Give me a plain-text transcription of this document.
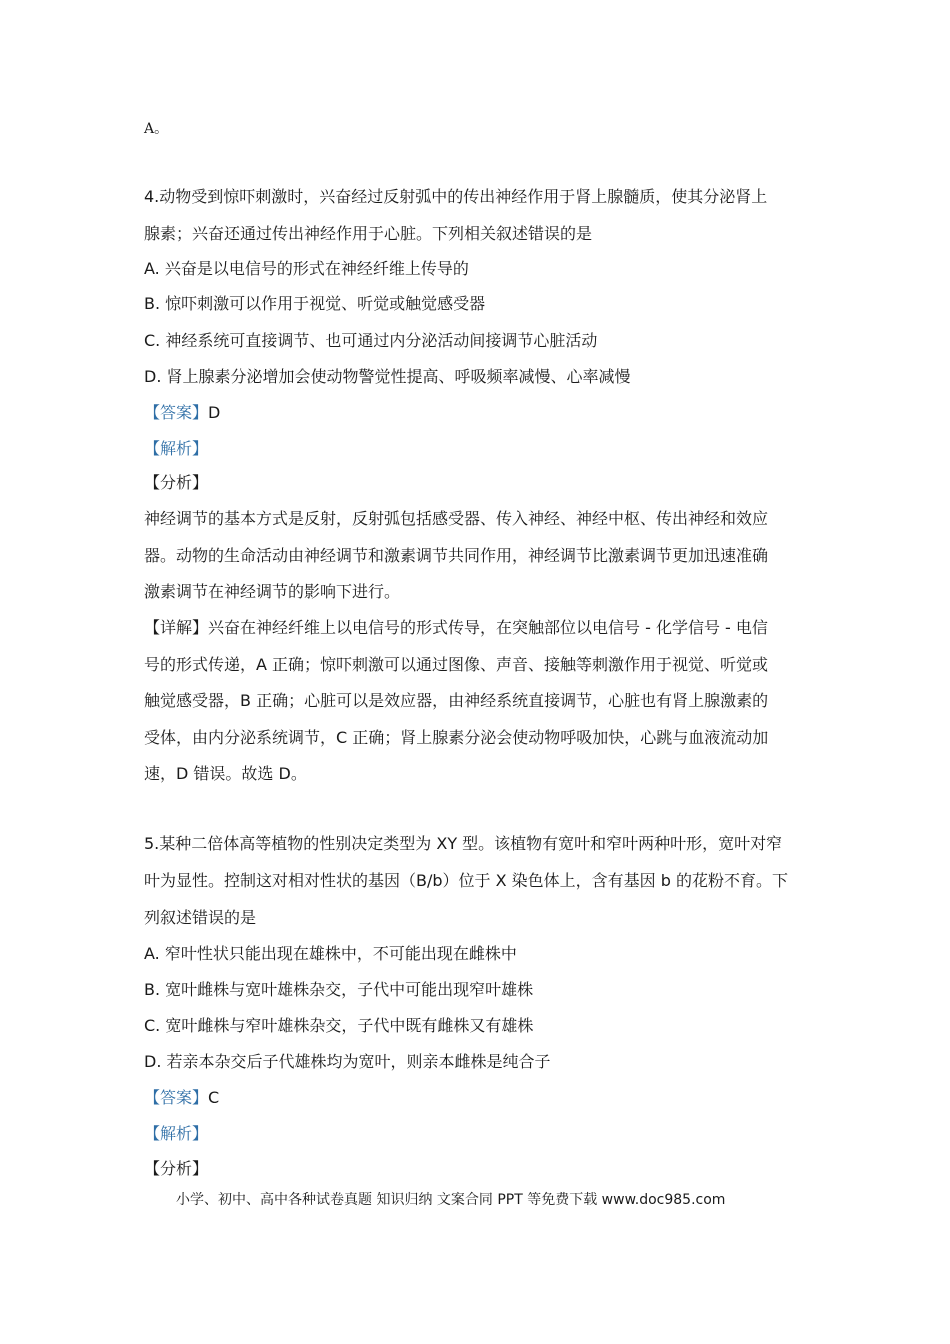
A。
4.动物受到惊吓刺激时，兴奋经过反射弧中的传出神经作用于肾上腺髓质，使其分泌肾上
腺素；兴奋还通过传出神经作用于心脏。下列相关叙述错误的是
A. 兴奋是以电信号的形式在神经纤维上传导的
B. 惊吓刺激可以作用于视觉、听觉或触觉感受器
C. 神经系统可直接调节、也可通过内分泌活动间接调节心脏活动
D. 肾上腺素分泌增加会使动物警觉性提高、呼吸频率减慢、心率减慢
【答案】D
【解析】
【分析】
神经调节的基本方式是反射，反射弧包括感受器、传入神经、神经中枢、传出神经和效应
器。动物的生命活动由神经调节和激素调节共同作用，神经调节比激素调节更加迅速准确
激素调节在神经调节的影响下进行。
【详解】兴奋在神经纤维上以电信号的形式传导，在突触部位以电信号 - 化学信号 - 电信
号的形式传递，A 正确；惊吓刺激可以通过图像、声音、接触等刺激作用于视觉、听觉或
触觉感受器，B 正确；心脏可以是效应器，由神经系统直接调节，心脏也有肾上腺激素的
受体，由内分泌系统调节，C 正确；肾上腺素分泌会使动物呼吸加快，心跳与血液流动加
速，D 错误。故选 D。
5.某种二倍体高等植物的性别决定类型为 XY 型。该植物有宽叶和窄叶两种叶形，宽叶对窄
叶为显性。控制这对相对性状的基因（B/b）位于 X 染色体上，含有基因 b 的花粉不育。下
列叙述错误的是
A. 窄叶性状只能出现在雄株中，不可能出现在雌株中
B. 宽叶雌株与宽叶雄株杂交，子代中可能出现窄叶雄株
C. 宽叶雌株与窄叶雄株杂交，子代中既有雌株又有雄株
D. 若亲本杂交后子代雄株均为宽叶，则亲本雌株是纯合子
【答案】C
【解析】
【分析】
小学、初中、高中各种试卷真题 知识归纳 文案合同 PPT 等免费下载 www.doc985.com
